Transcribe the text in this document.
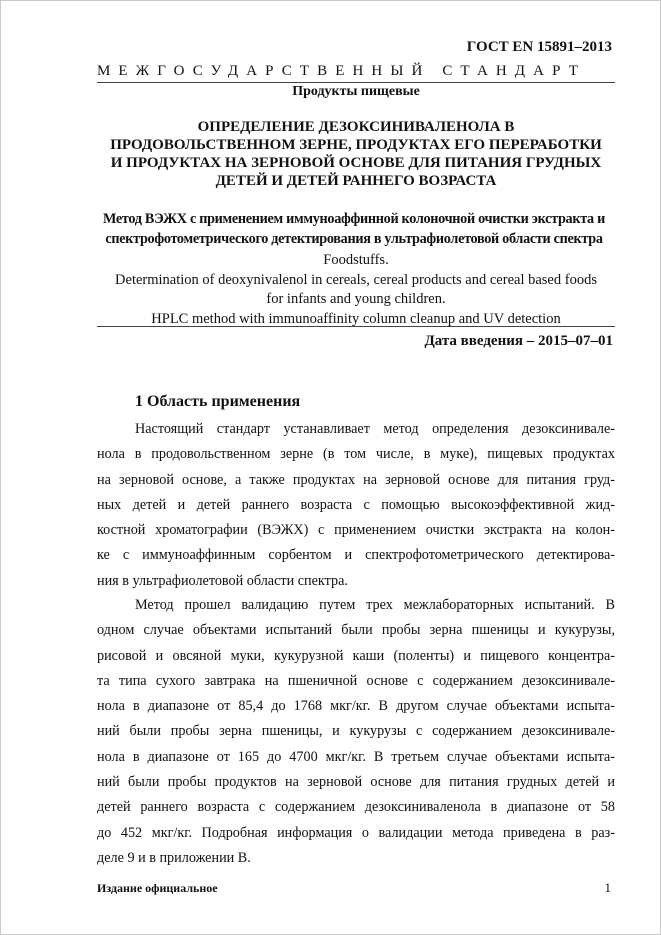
ГОСТ EN 15891–2013
МЕЖГОСУДАРСТВЕННЫЙ СТАНДАРТ
Продукты пищевые
ОПРЕДЕЛЕНИЕ ДЕЗОКСИНИВАЛЕНОЛА В
ПРОДОВОЛЬСТВЕННОМ ЗЕРНЕ, ПРОДУКТАХ ЕГО ПЕРЕРАБОТКИ
И ПРОДУКТАХ НА ЗЕРНОВОЙ ОСНОВЕ ДЛЯ ПИТАНИЯ ГРУДНЫХ
ДЕТЕЙ И ДЕТЕЙ РАННЕГО ВОЗРАСТА
Метод ВЭЖХ с применением иммуноаффинной колоночной очистки экстракта и
спектрофотометрического детектирования в ультрафиолетовой области спектра
Foodstuffs.
Determination of deoxynivalenol in cereals, cereal products and cereal based foods
for infants and young children.
HPLC method with immunoaffinity column cleanup and UV detection
Дата введения – 2015–07–01
1 Область применения

Настоящий стандарт устанавливает метод определения дезоксинивале-
нола в продовольственном зерне (в том числе, в муке), пищевых продуктах
на зерновой основе, а также продуктах на зерновой основе для питания груд-
ных детей и детей раннего возраста с помощью высокоэффективной жид-
костной хроматографии (ВЭЖХ) с применением очистки экстракта на колон-
ке с иммуноаффинным сорбентом и спектрофотометрического детектирова-
ния в ультрафиолетовой области спектра.

Метод прошел валидацию путем трех межлабораторных испытаний. В
одном случае объектами испытаний были пробы зерна пшеницы и кукурузы,
рисовой и овсяной муки, кукурузной каши (поленты) и пищевого концентра-
та типа сухого завтрака на пшеничной основе с содержанием дезоксинивале-
нола в диапазоне от 85,4 до 1768 мкг/кг. В другом случае объектами испыта-
ний были пробы зерна пшеницы, и кукурузы с содержанием дезоксинивале-
нола в диапазоне от 165 до 4700 мкг/кг. В третьем случае объектами испыта-
ний были пробы продуктов на зерновой основе для питания грудных детей и
детей раннего возраста с содержанием дезоксиниваленола в диапазоне от 58
до 452 мкг/кг. Подробная информация о валидации метода приведена в раз-
деле 9 и в приложении В.

Издание официальное	1
